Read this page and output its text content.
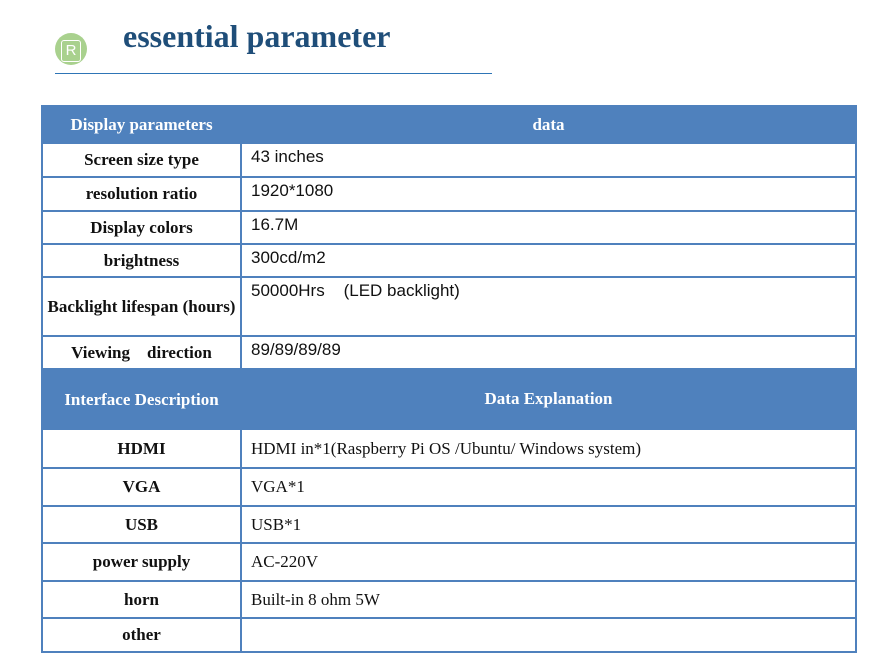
R	essential parameter
Display parameters	data
Screen size type	43 inches
resolution ratio	1920*1080
Display colors	16.7M
brightness	300cd/m2
Backlight lifespan (hours)	50000Hrs    (LED backlight)
Viewing    direction	89/89/89/89
Interface Description	Data Explanation
HDMI	HDMI in*1(Raspberry Pi OS /Ubuntu/ Windows system)
VGA	VGA*1
USB	USB*1
power supply	AC-220V
horn	Built-in 8 ohm 5W
other	
